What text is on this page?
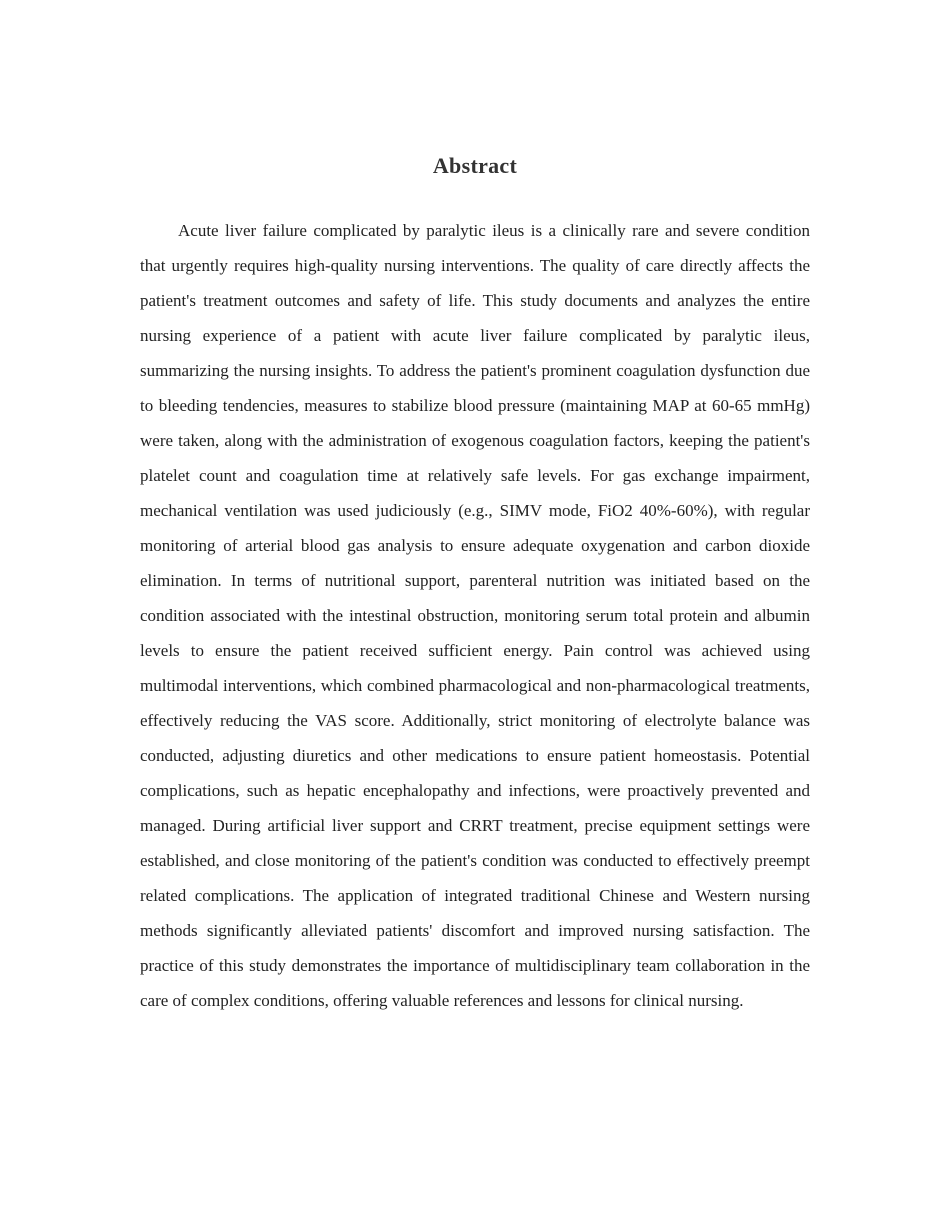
Abstract

Acute liver failure complicated by paralytic ileus is a clinically rare and severe condition that urgently requires high-quality nursing interventions. The quality of care directly affects the patient's treatment outcomes and safety of life. This study documents and analyzes the entire nursing experience of a patient with acute liver failure complicated by paralytic ileus, summarizing the nursing insights. To address the patient's prominent coagulation dysfunction due to bleeding tendencies, measures to stabilize blood pressure (maintaining MAP at 60-65 mmHg) were taken, along with the administration of exogenous coagulation factors, keeping the patient's platelet count and coagulation time at relatively safe levels. For gas exchange impairment, mechanical ventilation was used judiciously (e.g., SIMV mode, FiO2 40%-60%), with regular monitoring of arterial blood gas analysis to ensure adequate oxygenation and carbon dioxide elimination. In terms of nutritional support, parenteral nutrition was initiated based on the condition associated with the intestinal obstruction, monitoring serum total protein and albumin levels to ensure the patient received sufficient energy. Pain control was achieved using multimodal interventions, which combined pharmacological and non-pharmacological treatments, effectively reducing the VAS score. Additionally, strict monitoring of electrolyte balance was conducted, adjusting diuretics and other medications to ensure patient homeostasis. Potential complications, such as hepatic encephalopathy and infections, were proactively prevented and managed. During artificial liver support and CRRT treatment, precise equipment settings were established, and close monitoring of the patient's condition was conducted to effectively preempt related complications. The application of integrated traditional Chinese and Western nursing methods significantly alleviated patients' discomfort and improved nursing satisfaction. The practice of this study demonstrates the importance of multidisciplinary team collaboration in the care of complex conditions, offering valuable references and lessons for clinical nursing.
